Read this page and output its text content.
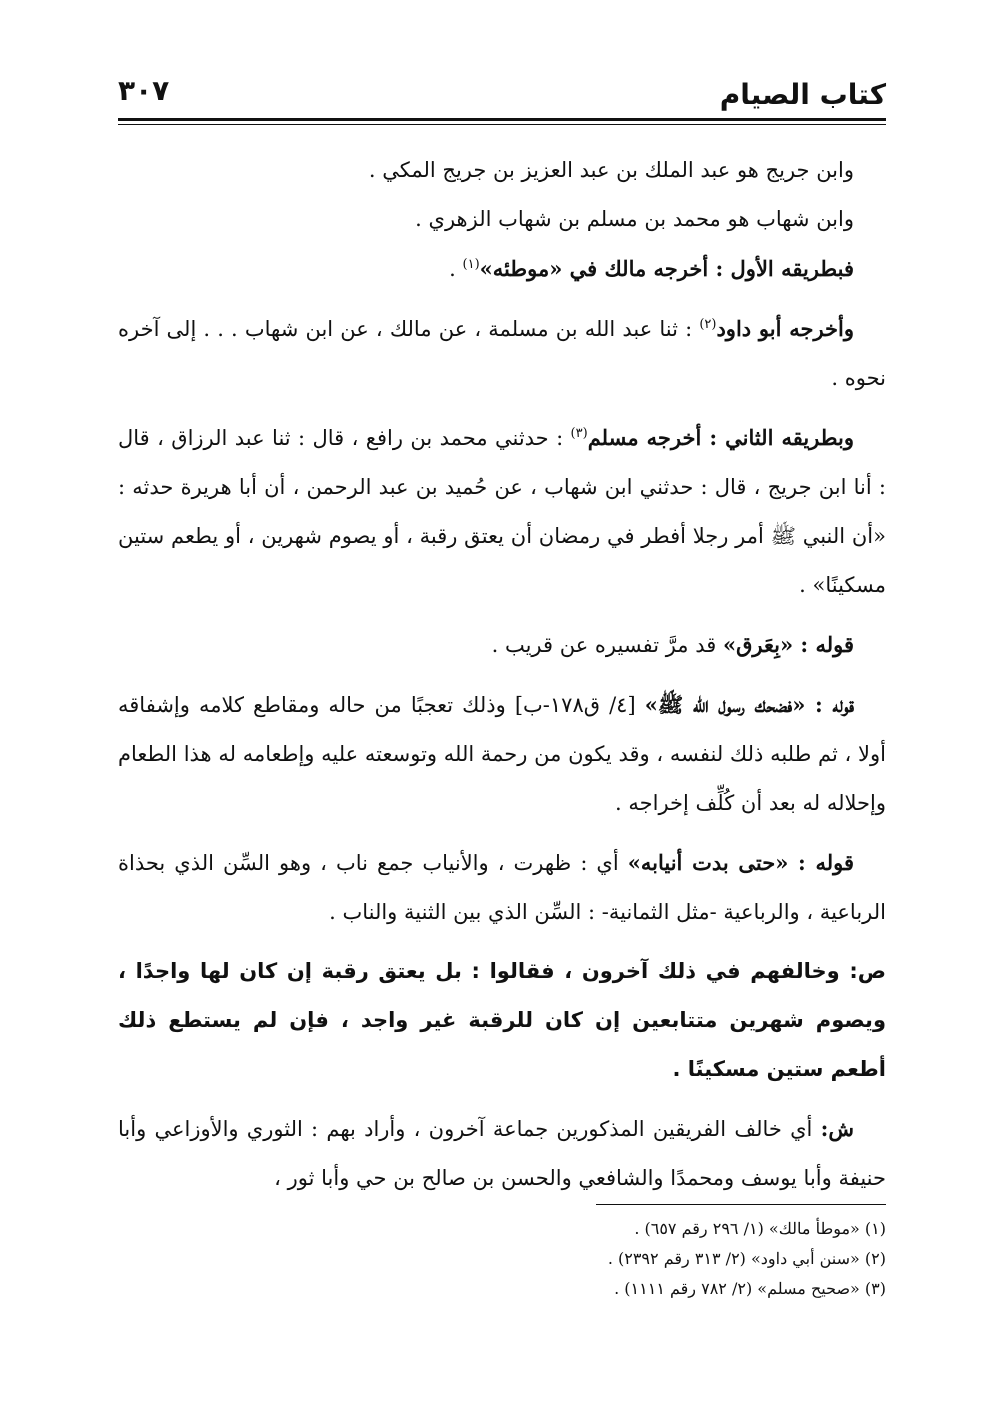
كتاب الصيام
٣٠٧

وابن جريج هو عبد الملك بن عبد العزيز بن جريج المكي .

وابن شهاب هو محمد بن مسلم بن شهاب الزهري .

فبطريقه الأول : أخرجه مالك في «موطئه»$^{(١)}$ .

وأخرجه أبو داود$^{(٢)}$ : ثنا عبد الله بن مسلمة ، عن مالك ، عن ابن شهاب . . . إلى آخره نحوه .

وبطريقه الثاني : أخرجه مسلم$^{(٣)}$ : حدثني محمد بن رافع ، قال : ثنا عبد الرزاق ، قال : أنا ابن جريج ، قال : حدثني ابن شهاب ، عن حُميد بن عبد الرحمن ، أن أبا هريرة حدثه : «أن النبي ﷺ أمر رجلا أفطر في رمضان أن يعتق رقبة ، أو يصوم شهرين ، أو يطعم ستين مسكينًا» .

قوله : «بِعَرق» قد مرَّ تفسيره عن قريب .

قوله : «فضحك رسول الله ﷺ» [٤/ ق١٧٨-ب] وذلك تعجبًا من حاله ومقاطع كلامه وإشفاقه أولا ، ثم طلبه ذلك لنفسه ، وقد يكون من رحمة الله وتوسعته عليه وإطعامه له هذا الطعام وإحلاله له بعد أن كُلِّف إخراجه .

قوله : «حتى بدت أنيابه» أي : ظهرت ، والأنياب جمع ناب ، وهو السِّن الذي بحذاة الرباعية ، والرباعية -مثل الثمانية- : السِّن الذي بين الثنية والناب .

ص: وخالفهم في ذلك آخرون ، فقالوا : بل يعتق رقبة إن كان لها واجدًا ، ويصوم شهرين متتابعين إن كان للرقبة غير واجد ، فإن لم يستطع ذلك أطعم ستين مسكينًا .

ش: أي خالف الفريقين المذكورين جماعة آخرون ، وأراد بهم : الثوري والأوزاعي وأبا حنيفة وأبا يوسف ومحمدًا والشافعي والحسن بن صالح بن حي وأبا ثور ،

(١) «موطأ مالك» (١/ ٢٩٦ رقم ٦٥٧) .
(٢) «سنن أبي داود» (٢/ ٣١٣ رقم ٢٣٩٢) .
(٣) «صحيح مسلم» (٢/ ٧٨٢ رقم ١١١١) .
